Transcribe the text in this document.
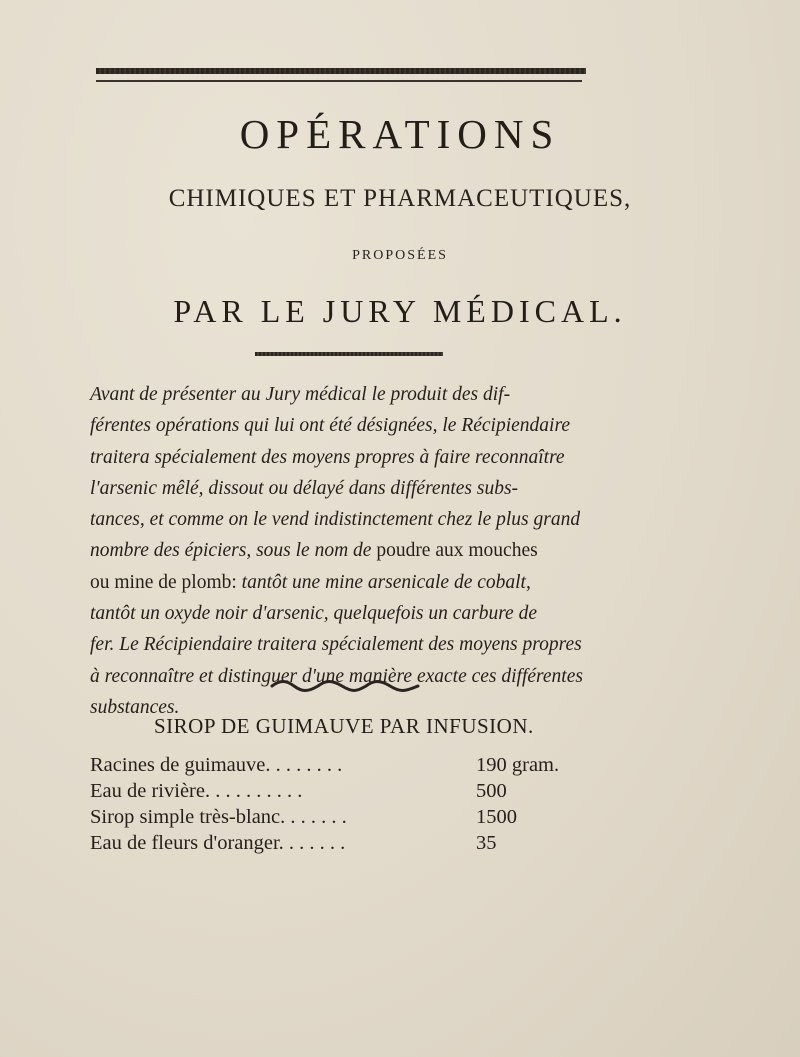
OPÉRATIONS
CHIMIQUES ET PHARMACEUTIQUES,
PROPOSÉES
PAR LE JURY MÉDICAL.
Avant de présenter au Jury médical le produit des dif-
férentes opérations qui lui ont été désignées, le Récipiendaire
traitera spécialement des moyens propres à faire reconnaître
l'arsenic mêlé, dissout ou délayé dans différentes subs-
tances, et comme on le vend indistinctement chez le plus grand
nombre des épiciers, sous le nom de poudre aux mouches
ou mine de plomb: tantôt une mine arsenicale de cobalt,
tantôt un oxyde noir d'arsenic, quelquefois un carbure de
fer. Le Récipiendaire traitera spécialement des moyens propres
à reconnaître et distinguer d'une manière exacte ces différentes
substances.
SIROP DE GUIMAUVE PAR INFUSION.
Racines de guimauve. . . . . . . .	190 gram.
Eau de rivière. . . . . . . . . .	500
Sirop simple très-blanc. . . . . . .	1500
Eau de fleurs d'oranger. . . . . . .	35
